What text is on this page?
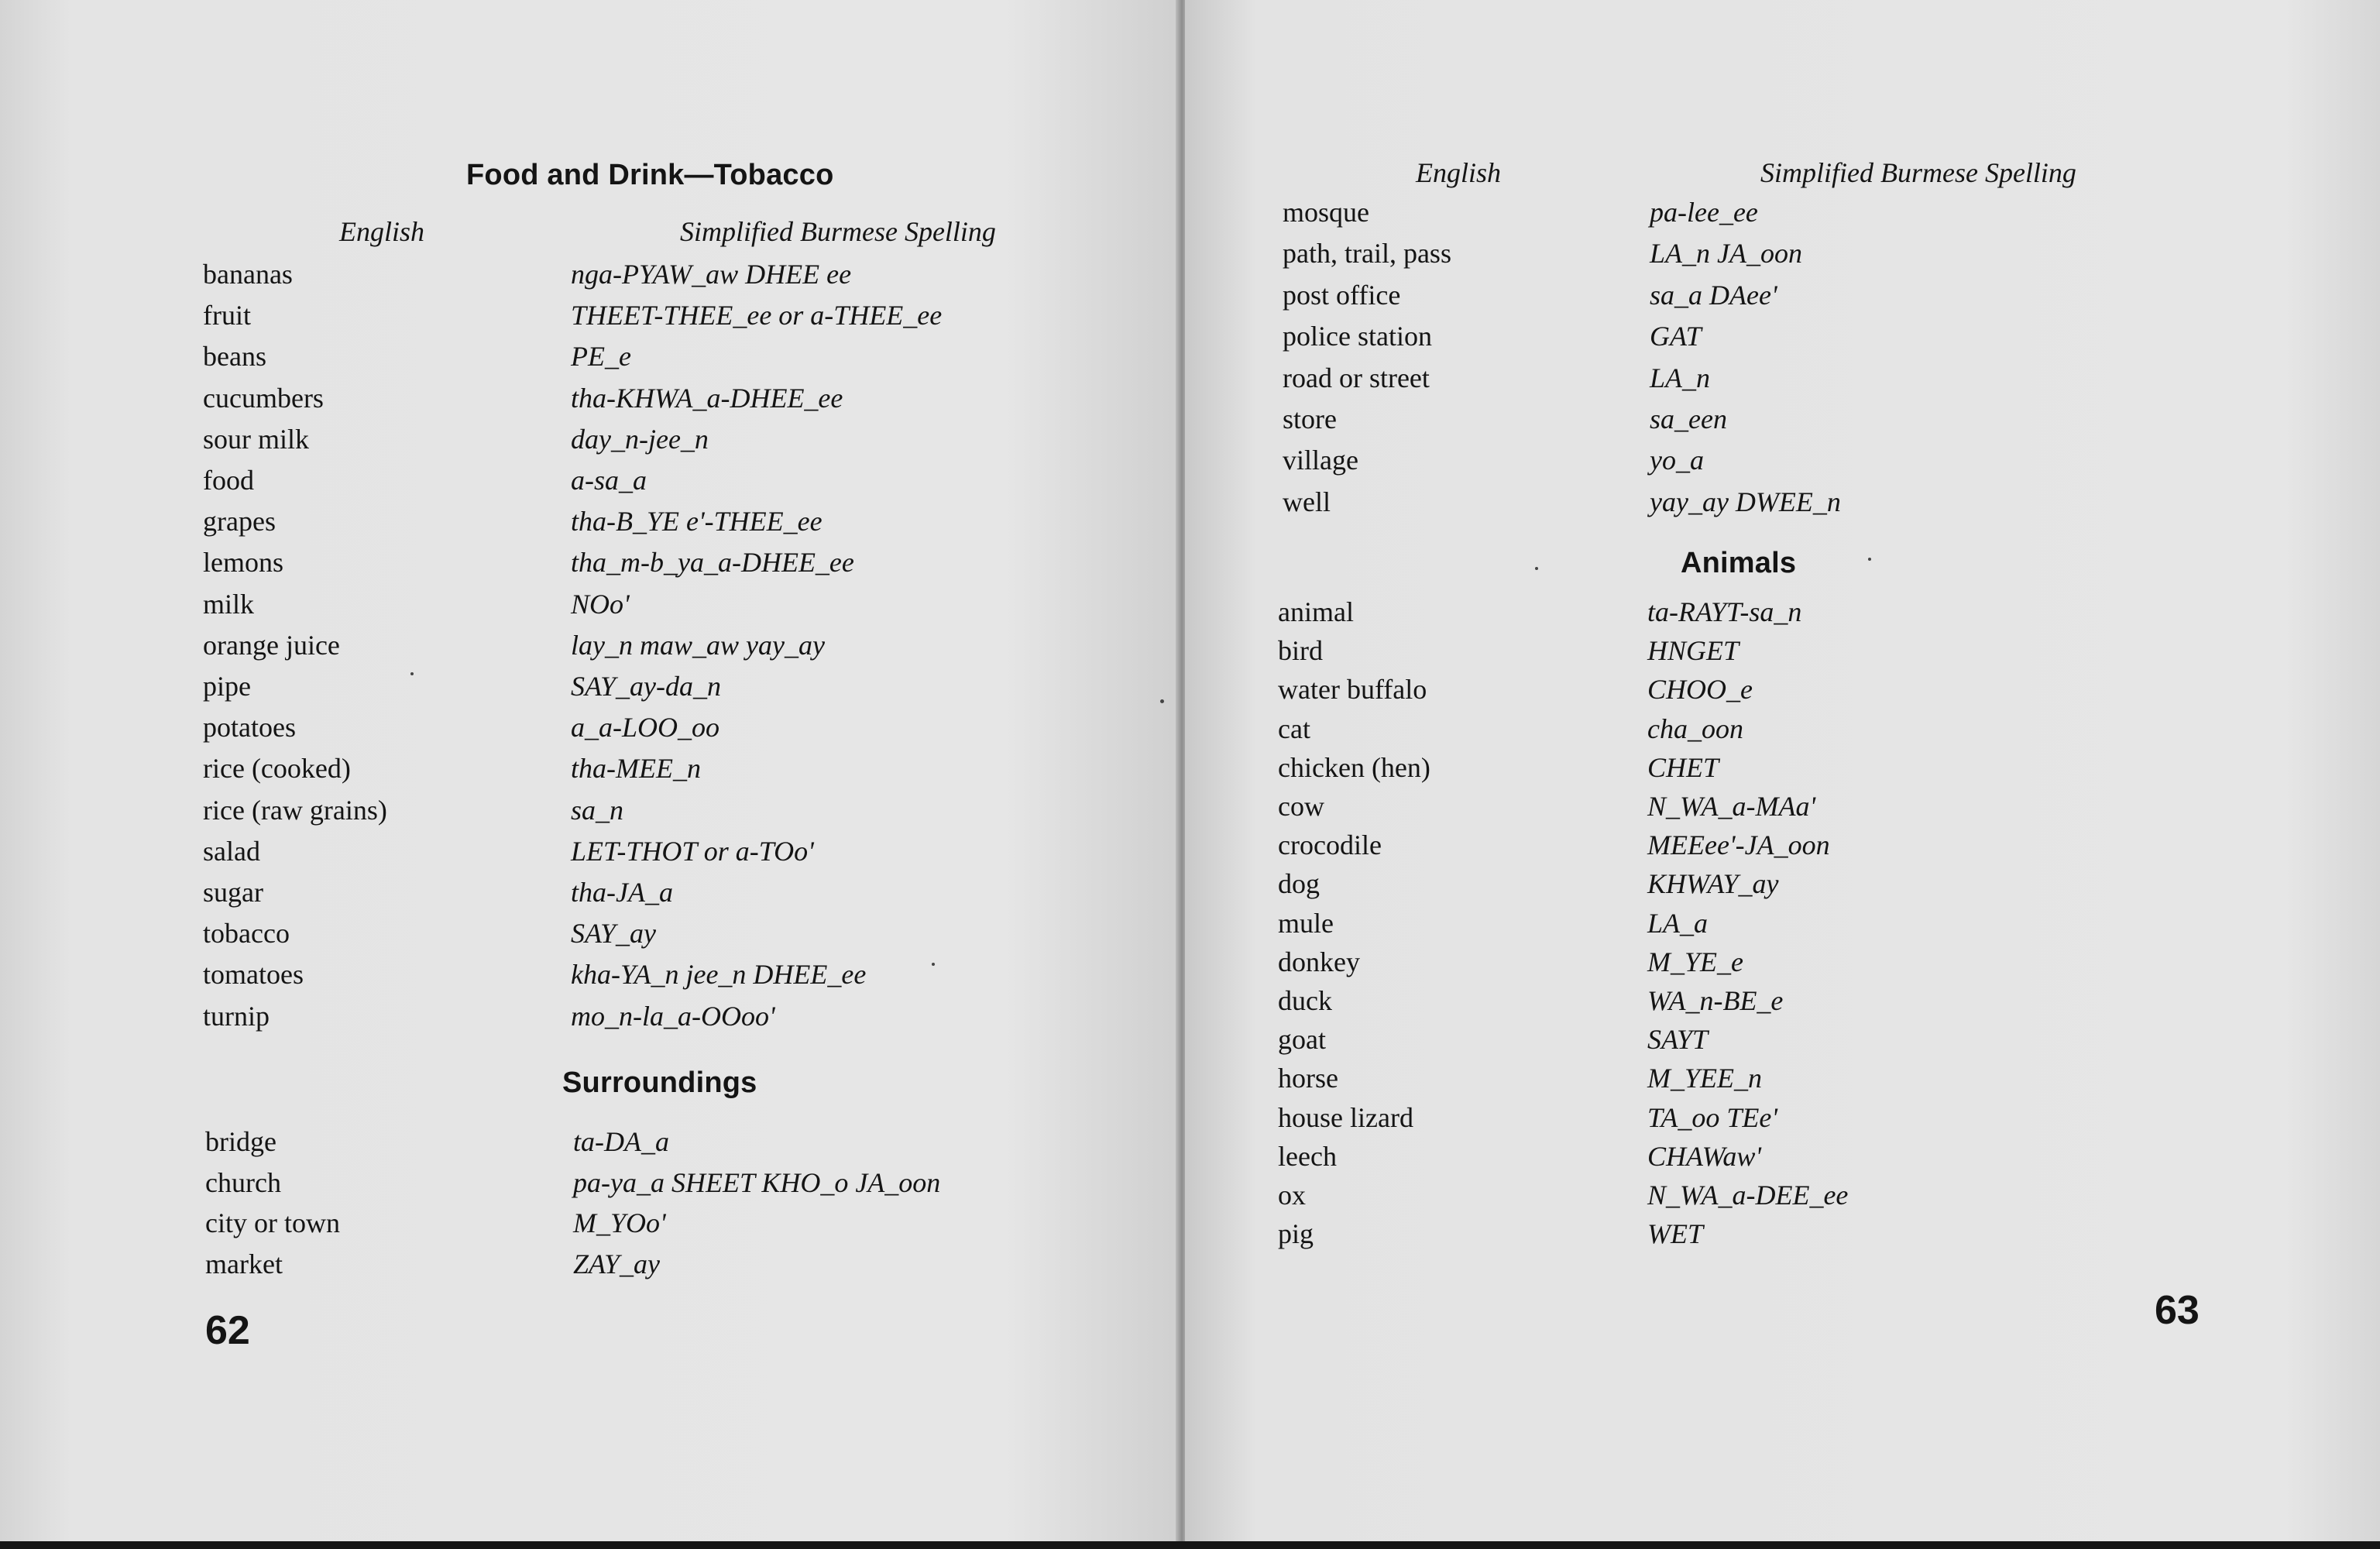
Food and Drink—Tobacco
English	Simplified Burmese Spelling
bananas	nga-PYAW_aw DHEE ee
fruit	THEET-THEE_ee or a-THEE_ee
beans	PE_e
cucumbers	tha-KHWA_a-DHEE_ee
sour milk	day_n-jee_n
food	a-sa_a
grapes	tha-B_YE e'-THEE_ee
lemons	tha_m-b_ya_a-DHEE_ee
milk	NOo'
orange juice	lay_n maw_aw yay_ay
pipe	SAY_ay-da_n
potatoes	a_a-LOO_oo
rice (cooked)	tha-MEE_n
rice (raw grains)	sa_n
salad	LET-THOT or a-TOo'
sugar	tha-JA_a
tobacco	SAY_ay
tomatoes	kha-YA_n jee_n DHEE_ee
turnip	mo_n-la_a-OOoo'
Surroundings
bridge	ta-DA_a
church	pa-ya_a SHEET KHO_o JA_oon
city or town	M_YOo'
market	ZAY_ay
62
English	Simplified Burmese Spelling
mosque	pa-lee_ee
path, trail, pass	LA_n JA_oon
post office	sa_a DAee'
police station	GAT
road or street	LA_n
store	sa_een
village	yo_a
well	yay_ay DWEE_n
Animals
animal	ta-RAYT-sa_n
bird	HNGET
water buffalo	CHOO_e
cat	cha_oon
chicken (hen)	CHET
cow	N_WA_a-MAa'
crocodile	MEEee'-JA_oon
dog	KHWAY_ay
mule	LA_a
donkey	M_YE_e
duck	WA_n-BE_e
goat	SAYT
horse	M_YEE_n
house lizard	TA_oo TEe'
leech	CHAWaw'
ox	N_WA_a-DEE_ee
pig	WET
63
